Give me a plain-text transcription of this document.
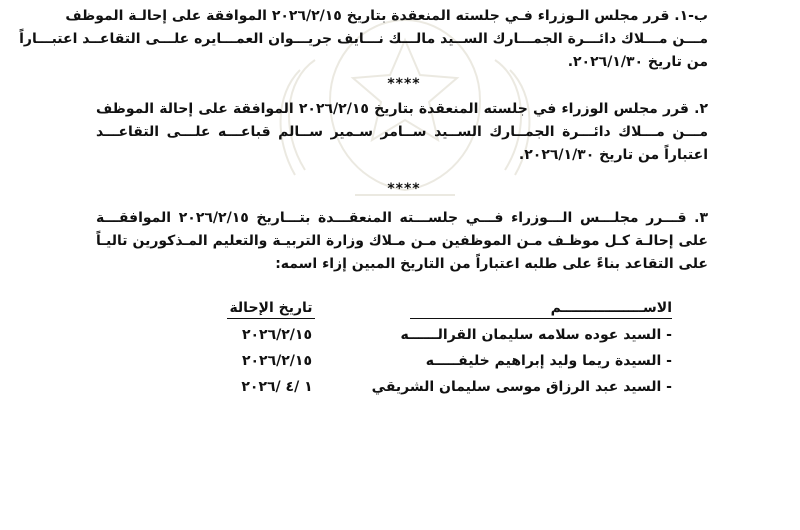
ب-١. قرر مجلس الـوزراء فـي جلسته المنعقدة بتاريخ ٢٠٢٦/٢/١٥ الموافقة على إحالـة الموظف
مـــن مـــلاك دائـــرة الجمـــارك الســيد مالـــك نـــايف جريـــوان العمـــايره علـــى التقاعــد اعتبـــاراً
من تاريخ ٢٠٢٦/١/٣٠.
****
٢. قرر مجلس الوزراء في جلسته المنعقدة بتاريخ ٢٠٢٦/٢/١٥ الموافقة على إحالة الموظف
مـــن مـــلاك دائـــرة الجمــارك الســيد ســامر سـمير ســالم قباعـــه علـــى التقاعـــد
اعتباراً من تاريخ ٢٠٢٦/١/٣٠.
****
٣. قـــرر مجلـــس الـــوزراء فـــي جلســـته المنعقـــدة بتـــاريخ ٢٠٢٦/٢/١٥ الموافقـــة
على إحالـة كـل موظـف مـن الموظفين مـن مـلاك وزارة التربيـة والتعليم المـذكورين تاليـاً
على التقاعد بناءً على طلبه اعتباراً من التاريخ المبين إزاء اسمه:
الاســـــــــــــــــم
تاريخ الإحالة
- السيد عوده سلامه سليمان القرالــــــه
٢٠٢٦/٢/١٥
- السيدة ريما وليد إبراهيم خليفـــــه
٢٠٢٦/٢/١٥
- السيد عبد الرزاق موسى سليمان الشريقي
١ /٤ /٢٠٢٦
